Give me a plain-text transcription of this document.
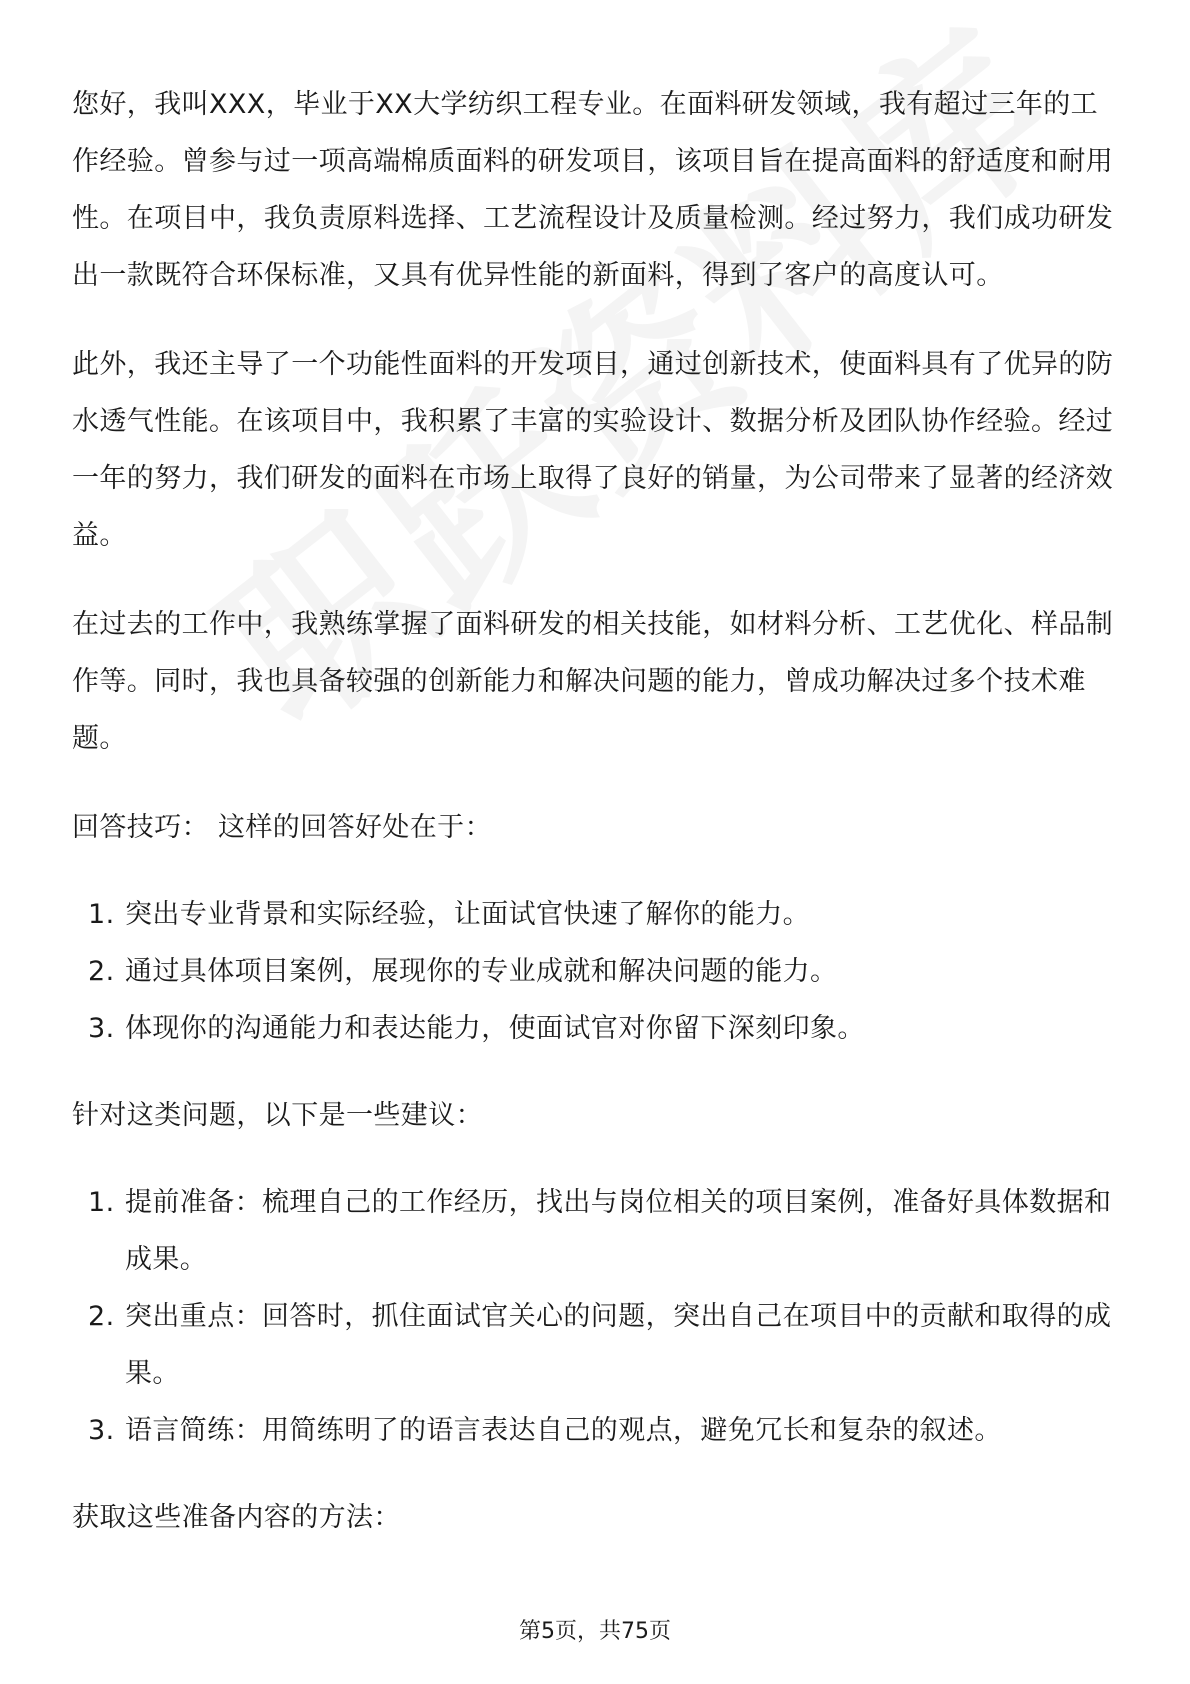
您好，我叫XXX，毕业于XX大学纺织工程专业。在面料研发领域，我有超过三年的工作经验。曾参与过一项高端棉质面料的研发项目，该项目旨在提高面料的舒适度和耐用性。在项目中，我负责原料选择、工艺流程设计及质量检测。经过努力，我们成功研发出一款既符合环保标准，又具有优异性能的新面料，得到了客户的高度认可。

此外，我还主导了一个功能性面料的开发项目，通过创新技术，使面料具有了优异的防水透气性能。在该项目中，我积累了丰富的实验设计、数据分析及团队协作经验。经过一年的努力，我们研发的面料在市场上取得了良好的销量，为公司带来了显著的经济效益。

在过去的工作中，我熟练掌握了面料研发的相关技能，如材料分析、工艺优化、样品制作等。同时，我也具备较强的创新能力和解决问题的能力，曾成功解决过多个技术难题。

回答技巧： 这样的回答好处在于：

1. 突出专业背景和实际经验，让面试官快速了解你的能力。
2. 通过具体项目案例，展现你的专业成就和解决问题的能力。
3. 体现你的沟通能力和表达能力，使面试官对你留下深刻印象。

针对这类问题，以下是一些建议：

1. 提前准备：梳理自己的工作经历，找出与岗位相关的项目案例，准备好具体数据和成果。
2. 突出重点：回答时，抓住面试官关心的问题，突出自己在项目中的贡献和取得的成果。
3. 语言简练：用简练明了的语言表达自己的观点，避免冗长和复杂的叙述。

获取这些准备内容的方法：

第5页，共75页
